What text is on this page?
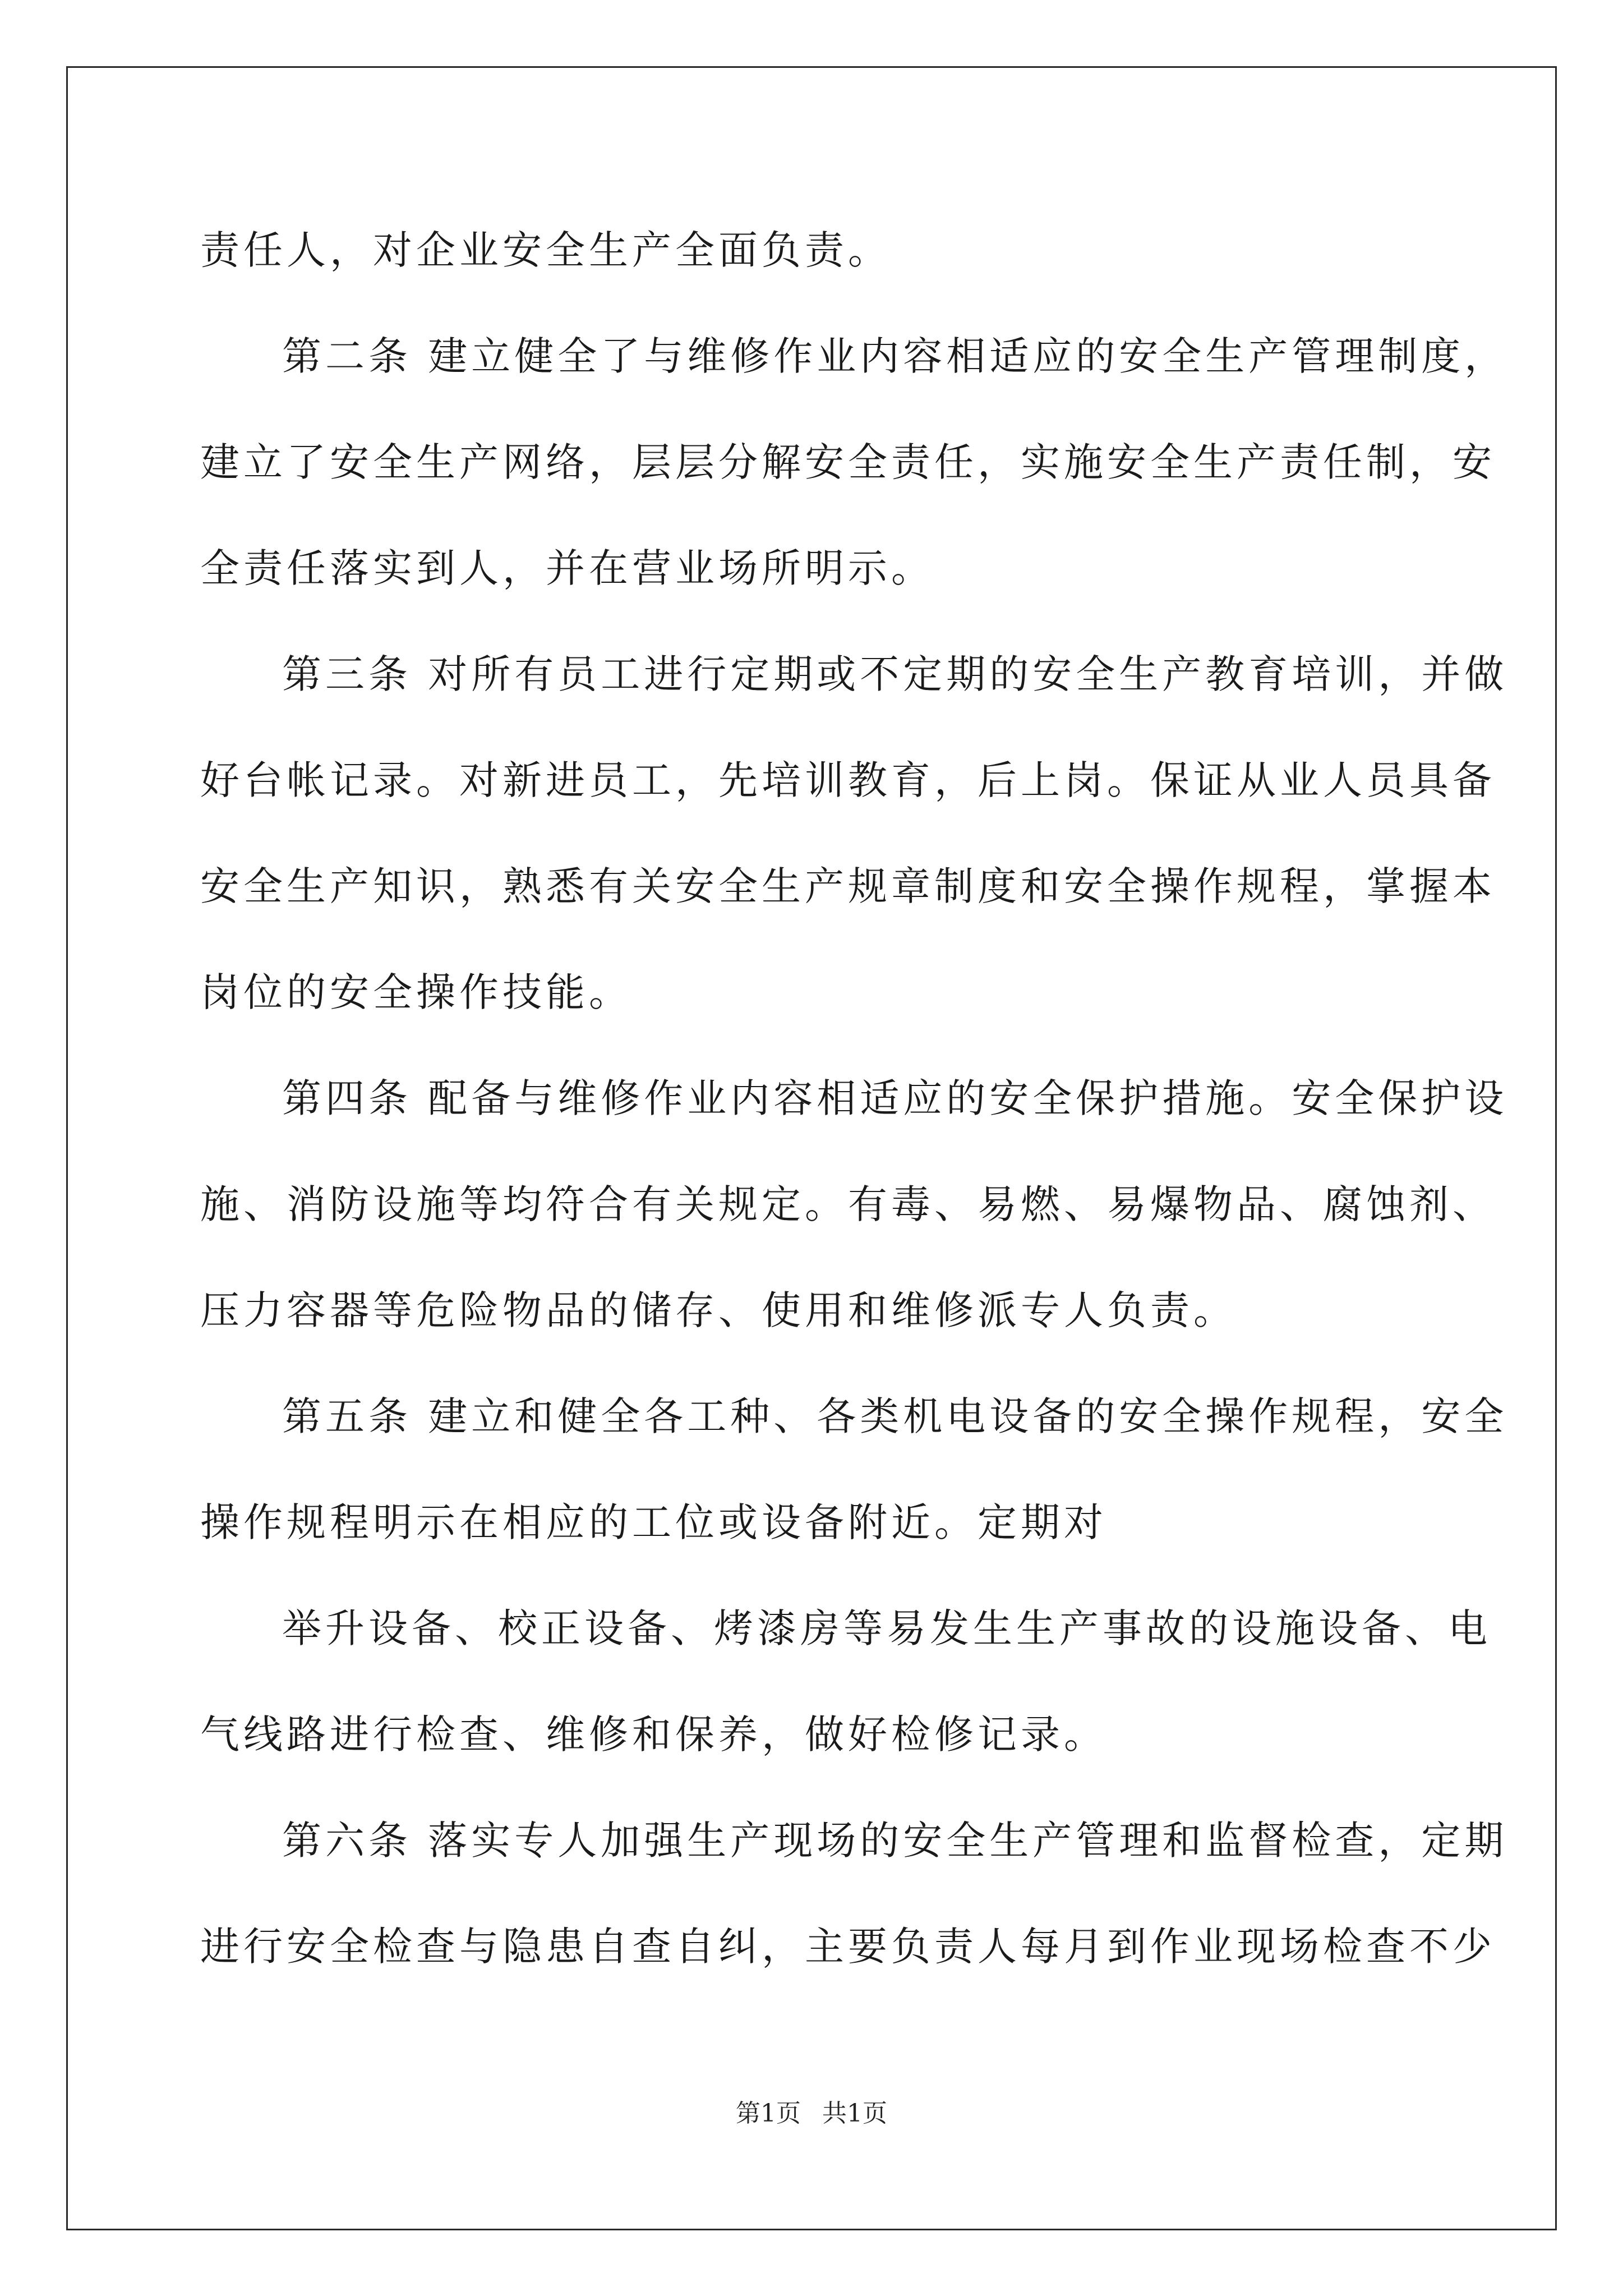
责任人，对企业安全生产全面负责。
第二条 建立健全了与维修作业内容相适应的安全生产管理制度，
建立了安全生产网络，层层分解安全责任，实施安全生产责任制，安
全责任落实到人，并在营业场所明示。
第三条 对所有员工进行定期或不定期的安全生产教育培训，并做
好台帐记录。对新进员工，先培训教育，后上岗。保证从业人员具备
安全生产知识，熟悉有关安全生产规章制度和安全操作规程，掌握本
岗位的安全操作技能。
第四条 配备与维修作业内容相适应的安全保护措施。安全保护设
施、消防设施等均符合有关规定。有毒、易燃、易爆物品、腐蚀剂、
压力容器等危险物品的储存、使用和维修派专人负责。
第五条 建立和健全各工种、各类机电设备的安全操作规程，安全
操作规程明示在相应的工位或设备附近。定期对
举升设备、校正设备、烤漆房等易发生生产事故的设施设备、电
气线路进行检查、维修和保养，做好检修记录。
第六条 落实专人加强生产现场的安全生产管理和监督检查，定期
进行安全检查与隐患自查自纠，主要负责人每月到作业现场检查不少
第1页 共1页
